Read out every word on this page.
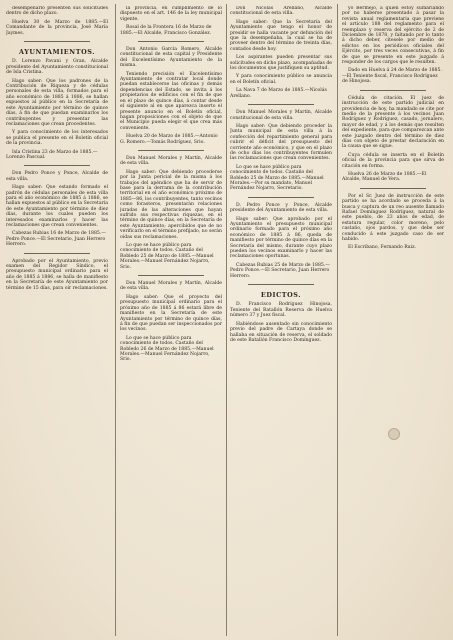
desempeñarlo presenten sus solicitudes dentro de dicho plazo.

Huelva 30 de Marzo de 1885.—El Comandante de la provincia, José María Jaymes.

AYUNTAMIENTOS.

D. Lorenzo Pavani y Gran, Alcalde presidente del Ayuntamiento constitucional de Isla Cristina.

Hago saber: Que los padrones de la Contribución de Riqueza y de cédulas personales de esta villa, formados para el año económico de 1885 á 1886, se hallan expuestos al público en la Secretaría de este Ayuntamiento por término de quince días, á fin de que puedan examinarlos los contribuyentes y presentar las reclamaciones que crean procedentes.

Y para conocimiento de los interesados se publica el presente en el Boletín oficial de la provincia.

Isla Cristina 23 de Marzo de 1885.—Lorenzo Pascual.

Don Pedro Ponce y Ponce, Alcalde de esta villa.

Hago saber: Que estando formado el padrón de cédulas personales de esta villa para el año económico de 1885 á 1886, se hallan expuestos al público en la Secretaría de este Ayuntamiento por término de diez días, durante los cuales pueden los interesados examinarlos y hacer las reclamaciones que crean convenientes.

Cabezas Rubias 16 de Marzo de 1885.—Pedro Ponce.—El Secretario, Juan Herrero Herrero.

Aprobado por el Ayuntamiento, previo examen del Regidor Síndico, el presupuesto municipal ordinario para el año de 1885 á 1886, se halla de manifiesto en la Secretaría de este Ayuntamiento por término de 15 días, para oír reclamaciones.

la provincia, en cumplimiento de lo dispuesto en el art. 146 de la ley municipal vigente.

Rosal de la Frontera 16 de Marzo de 1885.—El Alcalde, Francisco González.

Don Antonio García Romero, Alcalde constitucional de esta capital y Presidente del Excelentísimo Ayuntamiento de la misma.

Teniendo precisión el Excelentísimo Ayuntamiento de contratar local donde puedan establecerse las oficinas y demás dependencias del Estado, se invita á los propietarios de edificios con el fin de que en el plazo de quince días, á contar desde el siguiente al en que aparezca inserto el presente anuncio en el Boletín oficial, hagan proposiciones con el objeto de que el Municipio pueda elegir el que crea más conveniente.

Huelva 20 de Marzo de 1885.—Antonio G. Romero.—Tomás Rodríguez, Srio.

Don Manuel Morales y Martín, Alcalde de esta villa.

Hago saber: Que debiendo procederse por la Junta pericial de la misma á los trabajos del apéndice que ha de servir de base para la derrama de la contribución territorial en el año económico próximo de 1885—86, los contribuyentes, tanto vecinos como forasteros, presentarán relaciones juradas de las alteraciones que hayan sufrido sus respectivas riquezas, en el término de quince días, en la Secretaría de este Ayuntamiento; apercibidos que de no verificarlo en el término prefijado, no serán oídas sus reclamaciones.

Lo que se hace público para conocimiento de todos. Castaño del Robledo 25 de Marzo de 1885.—Manuel Morales.—Manuel Fernández Nojarro, Srio.

Don Manuel Morales y Martín, Alcalde de esta villa.

Hago saber: Que el proyecto del presupuesto municipal ordinario para el próximo año de 1885 á 86 estará libre de manifiesto en la Secretaría de este Ayuntamiento por término de quince días, á fin de que puedan ser inspeccionados por los vecinos.

Lo que se hace público para conocimiento de todos. Castaño del Robledo 26 de Marzo de 1885.—Manuel Morales.—Manuel Fernández Nojarro, Srio.

Don Nicolás Arellano, Alcalde constitucional de esta villa.

Hago saber: Que la Secretaría del Ayuntamiento que tengo el honor de presidir se halla vacante por defunción del que la desempeñaba, la cual se ha de proveer dentro del término de treinta días, contados desde hoy.

Los aspirantes pueden presentar sus solicitudes en dicho plazo, acompañadas de los documentos que justifiquen su aptitud.

Y para conocimiento público se anuncia en el Boletín oficial.

La Nava 7 de Marzo de 1885.—Nicolás Arellano.

Don Manuel Morales y Martín, Alcalde constitucional de esta villa.

Hago saber: Que debiendo proceder la Junta municipal de esta villa á la confección del repartimiento general para cubrir el déficit del presupuesto del corriente año económico, y que en el plazo de ocho días los contribuyentes formulen las reclamaciones que crean convenientes.

Lo que se hace público para conocimiento de todos. Castaño del Robledo 25 de Marzo de 1885.—Manuel Morales.—Por su mandato, Manuel Fernández Nojarro, Secretario.

D. Pedro Ponce y Ponce, Alcalde presidente del Ayuntamiento de esta villa.

Hago saber: Que aprobado por el Ayuntamiento el presupuesto municipal ordinario formado para el próximo año económico de 1885 á 86, queda de manifiesto por término de quince días en la Secretaría del mismo, durante cuyo plazo pueden los vecinos examinarlo y hacer las reclamaciones oportunas.

Cabezas Rubias 25 de Marzo de 1885.—Pedro Ponce.—El Secretario, Juan Herrero Herrero.

EDICTOS.

D. Francisco Rodríguez Hinojosa, Teniente del Batallón Reserva de Huelva número 37 y Juez fiscal.

Habiéndose ausentado sin conocimiento previo del padre de Cartaya donde se hallaba en situación de reserva, el soldado de este Batallón Francisco Domínguez.

yo Bermejo, á quien estoy sumariando por no haberse presentado á pasar la revista anual reglamentaria que previene el artículo 188 del reglamento para el reemplazo y reserva del ejército de 2 de Diciembre de 1878, y faltando por lo tanto á dicho deber, cítesele por medio de edictos en los periódicos oficiales del Ejército, por tres veces consecutivas, á fin de que se presente en este juzgado á responder de los cargos que le resulten.

Dado en Huelva á 24 de Marzo de 1885.—El Teniente fiscal, Francisco Rodríguez de Hinojosa.

Cédula de citación. El juez de instrucción de este partido judicial en providencia de hoy, ha mandado se cite por medio de la presente á los vecinos Juan Rodríguez y Rodríguez, casado, jornalero, mayor de edad, y á los demás que resulten del expediente, para que comparezcan ante este juzgado dentro del término de diez días con objeto de prestar declaración en la causa que se sigue.

Cuya cédula se inserta en el Boletín oficial de la provincia para que sirva de citación en forma.

Huelva 26 de Marzo de 1885.—El Alcalde, Manuel de Vera.

Por el Sr. Juez de instrucción de este partido se ha acordado se proceda á la busca y captura de un reo ausente llamado Rafael Domínguez Rodríguez, natural de este pueblo, de 23 años de edad, de estatura regular, color moreno, pelo castaño, ojos pardos, y que debe ser conducido á este juzgado caso de ser habido.

El Escribano, Fernando Ruiz.
